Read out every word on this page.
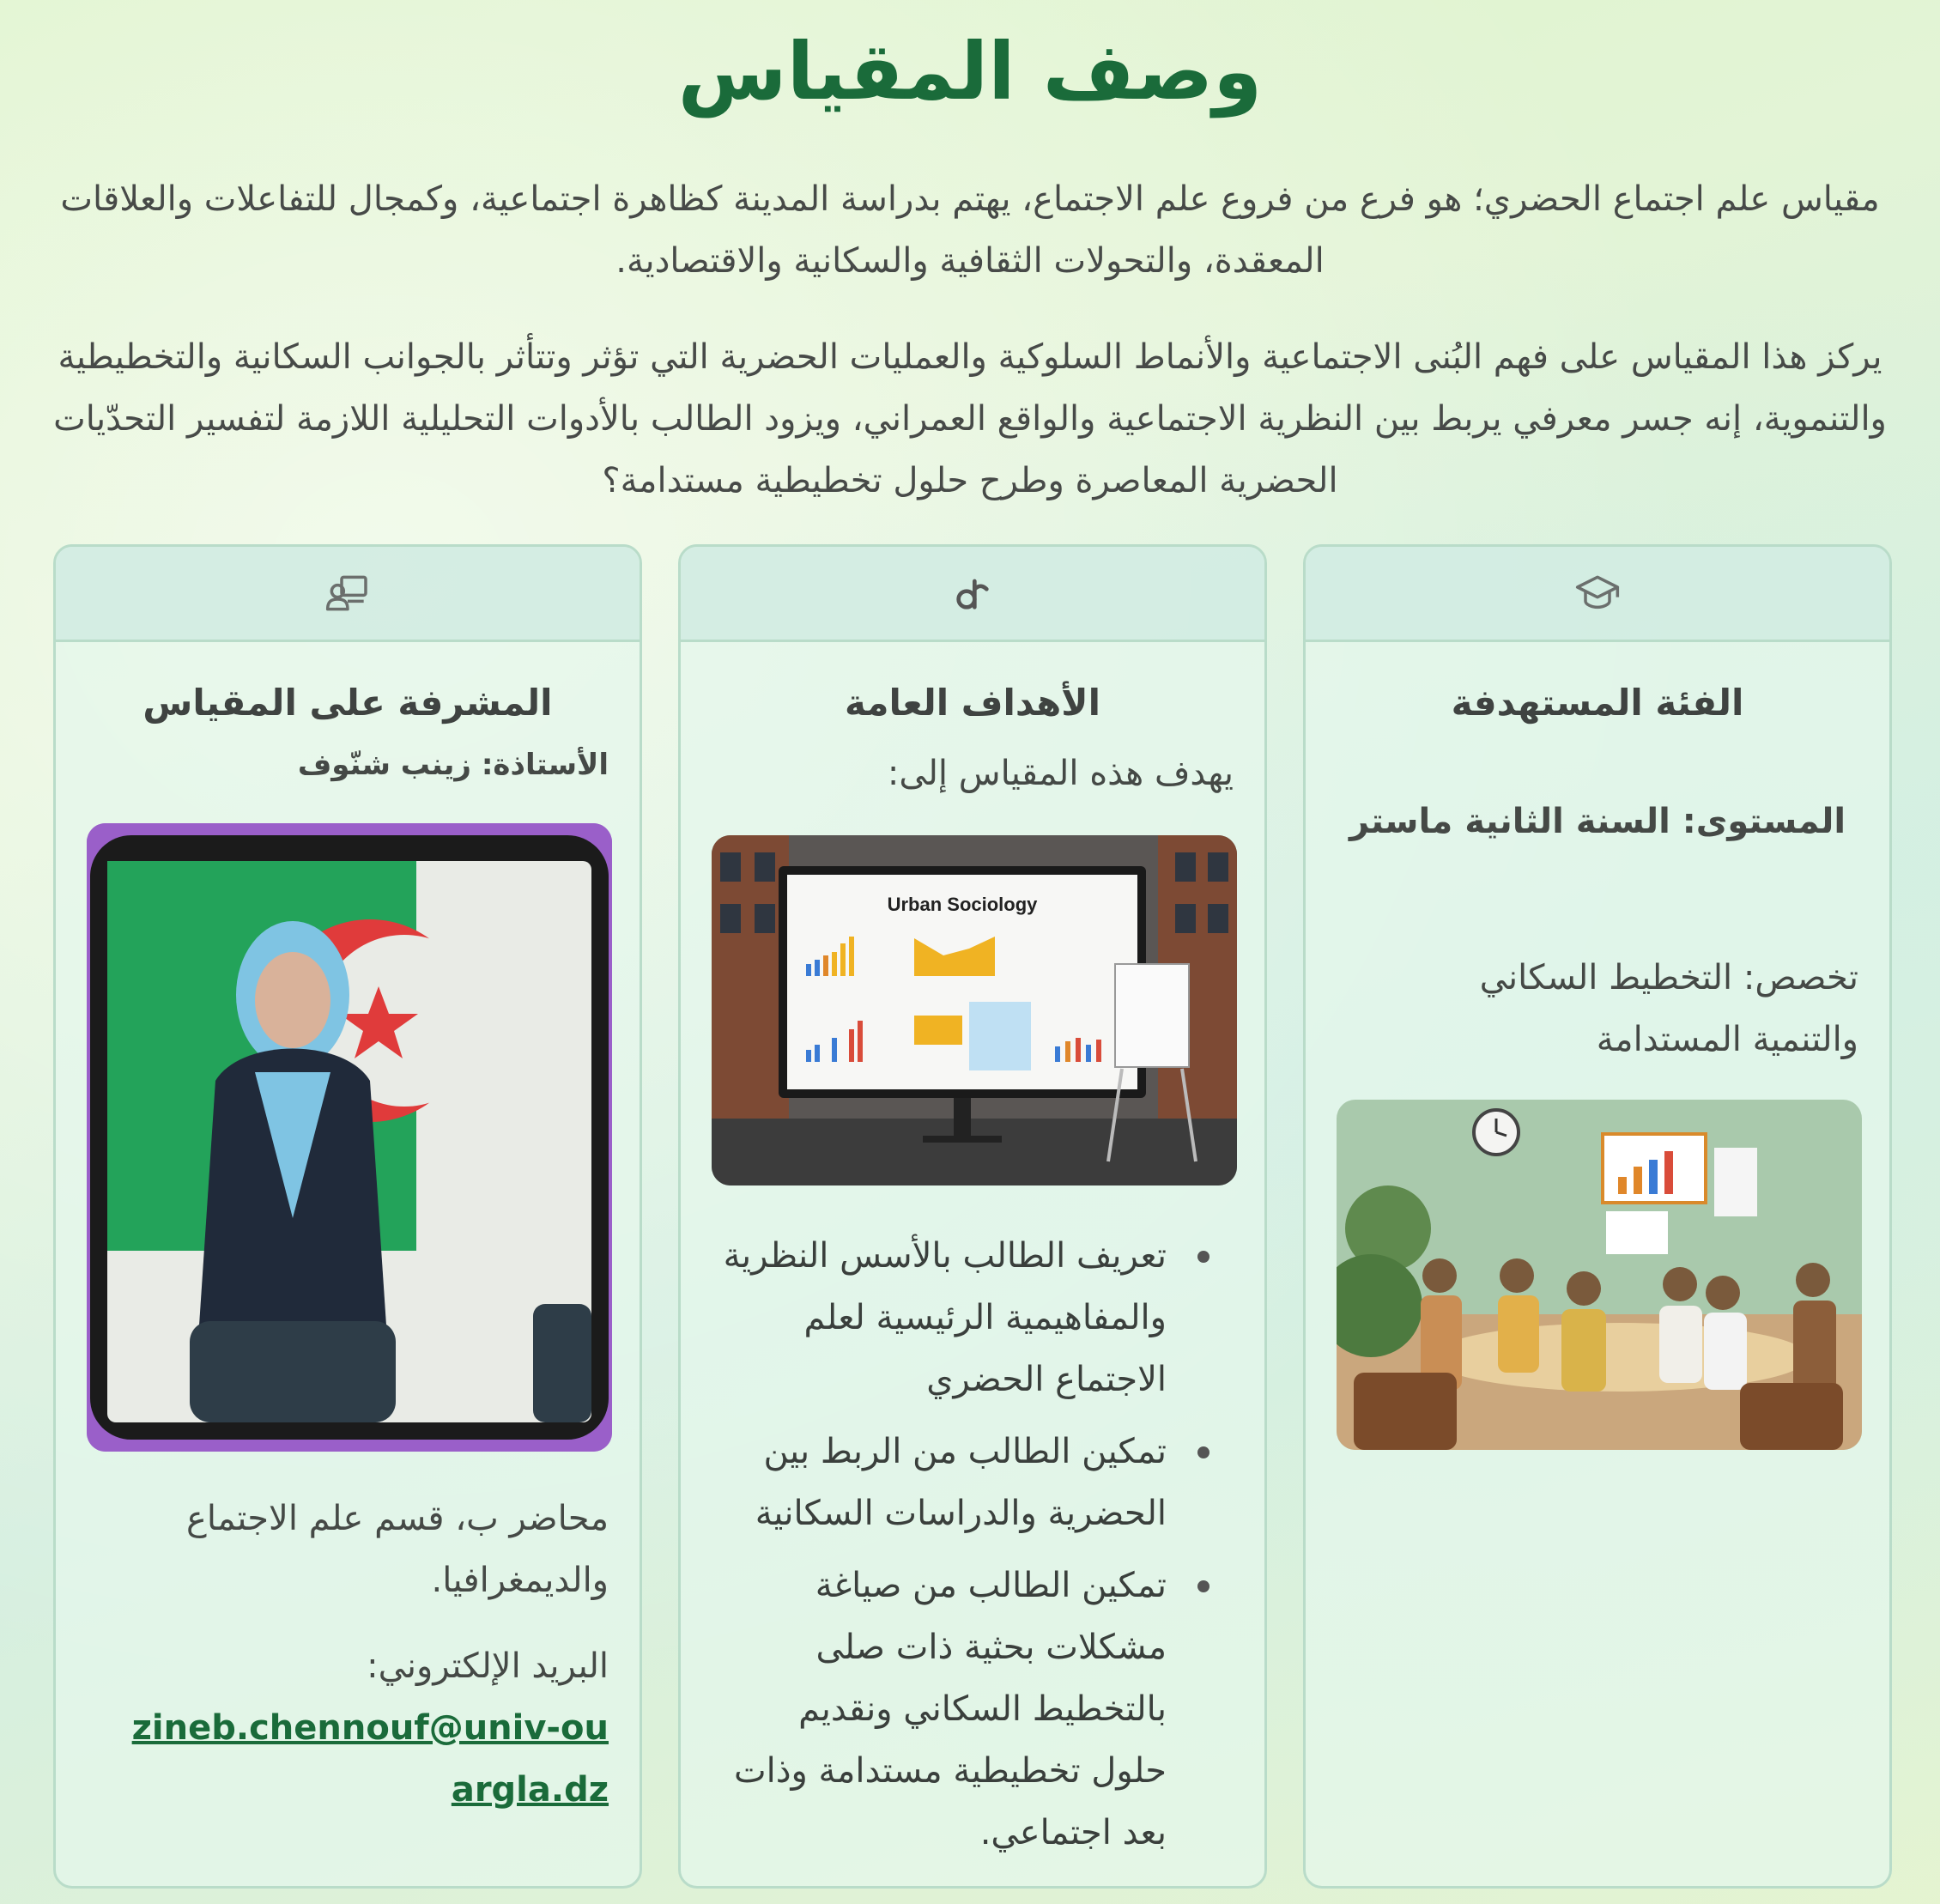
وصف المقياس

مقياس علم اجتماع الحضري؛ هو فرع من فروع علم الاجتماع، يهتم بدراسة المدينة كظاهرة اجتماعية، وكمجال للتفاعلات والعلاقات المعقدة، والتحولات الثقافية والسكانية والاقتصادية.

يركز هذا المقياس على فهم البُنى الاجتماعية والأنماط السلوكية والعمليات الحضرية التي تؤثر وتتأثر بالجوانب السكانية والتخطيطية والتنموية، إنه جسر معرفي يربط بين النظرية الاجتماعية والواقع العمراني، ويزود الطالب بالأدوات التحليلية اللازمة لتفسير التحدّيات الحضرية المعاصرة وطرح حلول تخطيطية مستدامة؟

الفئة المستهدفة

المستوى: السنة الثانية ماستر

تخصص: التخطيط السكاني والتنمية المستدامة

الأهداف العامة

يهدف هذه المقياس إلى:

Urban Sociology
تعريف الطالب بالأسس النظرية والمفاهيمية الرئيسية لعلم الاجتماع الحضري
تمكين الطالب من الربط بين الحضرية والدراسات السكانية
تمكين الطالب من صياغة مشكلات بحثية ذات صلى بالتخطيط السكاني ونقديم حلول تخطيطية مستدامة وذات بعد اجتماعي.
المشرفة على المقياس

الأستاذة: زينب شنّوف

محاضر ب، قسم علم الاجتماع والديمغرافيا.

البريد الإلكتروني:

zineb.chennouf@univ-ouargla.dz
